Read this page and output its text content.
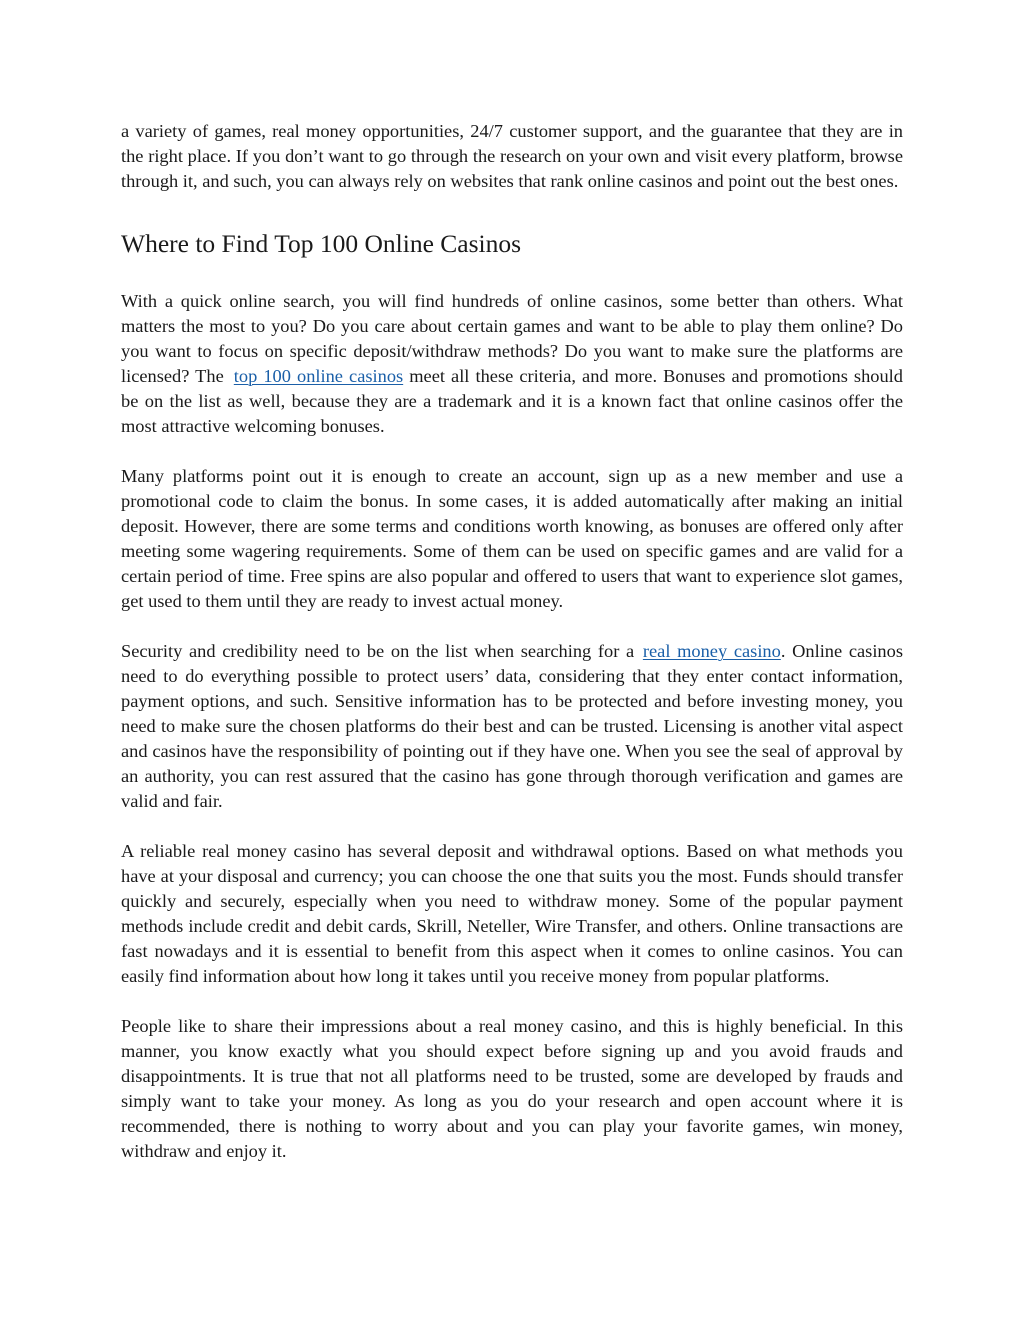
a variety of games, real money opportunities, 24/7 customer support, and the guarantee that they are in the right place. If you don’t want to go through the research on your own and visit every platform, browse through it, and such, you can always rely on websites that rank online casinos and point out the best ones.

Where to Find Top 100 Online Casinos

With a quick online search, you will find hundreds of online casinos, some better than others. What matters the most to you? Do you care about certain games and want to be able to play them online? Do you want to focus on specific deposit/withdraw methods? Do you want to make sure the platforms are licensed? The top 100 online casinos meet all these criteria, and more. Bonuses and promotions should be on the list as well, because they are a trademark and it is a known fact that online casinos offer the most attractive welcoming bonuses.

Many platforms point out it is enough to create an account, sign up as a new member and use a promotional code to claim the bonus. In some cases, it is added automatically after making an initial deposit. However, there are some terms and conditions worth knowing, as bonuses are offered only after meeting some wagering requirements. Some of them can be used on specific games and are valid for a certain period of time. Free spins are also popular and offered to users that want to experience slot games, get used to them until they are ready to invest actual money.

Security and credibility need to be on the list when searching for a real money casino. Online casinos need to do everything possible to protect users’ data, considering that they enter contact information, payment options, and such. Sensitive information has to be protected and before investing money, you need to make sure the chosen platforms do their best and can be trusted. Licensing is another vital aspect and casinos have the responsibility of pointing out if they have one. When you see the seal of approval by an authority, you can rest assured that the casino has gone through thorough verification and games are valid and fair.

A reliable real money casino has several deposit and withdrawal options. Based on what methods you have at your disposal and currency; you can choose the one that suits you the most. Funds should transfer quickly and securely, especially when you need to withdraw money. Some of the popular payment methods include credit and debit cards, Skrill, Neteller, Wire Transfer, and others. Online transactions are fast nowadays and it is essential to benefit from this aspect when it comes to online casinos. You can easily find information about how long it takes until you receive money from popular platforms.

People like to share their impressions about a real money casino, and this is highly beneficial. In this manner, you know exactly what you should expect before signing up and you avoid frauds and disappointments. It is true that not all platforms need to be trusted, some are developed by frauds and simply want to take your money. As long as you do your research and open account where it is recommended, there is nothing to worry about and you can play your favorite games, win money, withdraw and enjoy it.
